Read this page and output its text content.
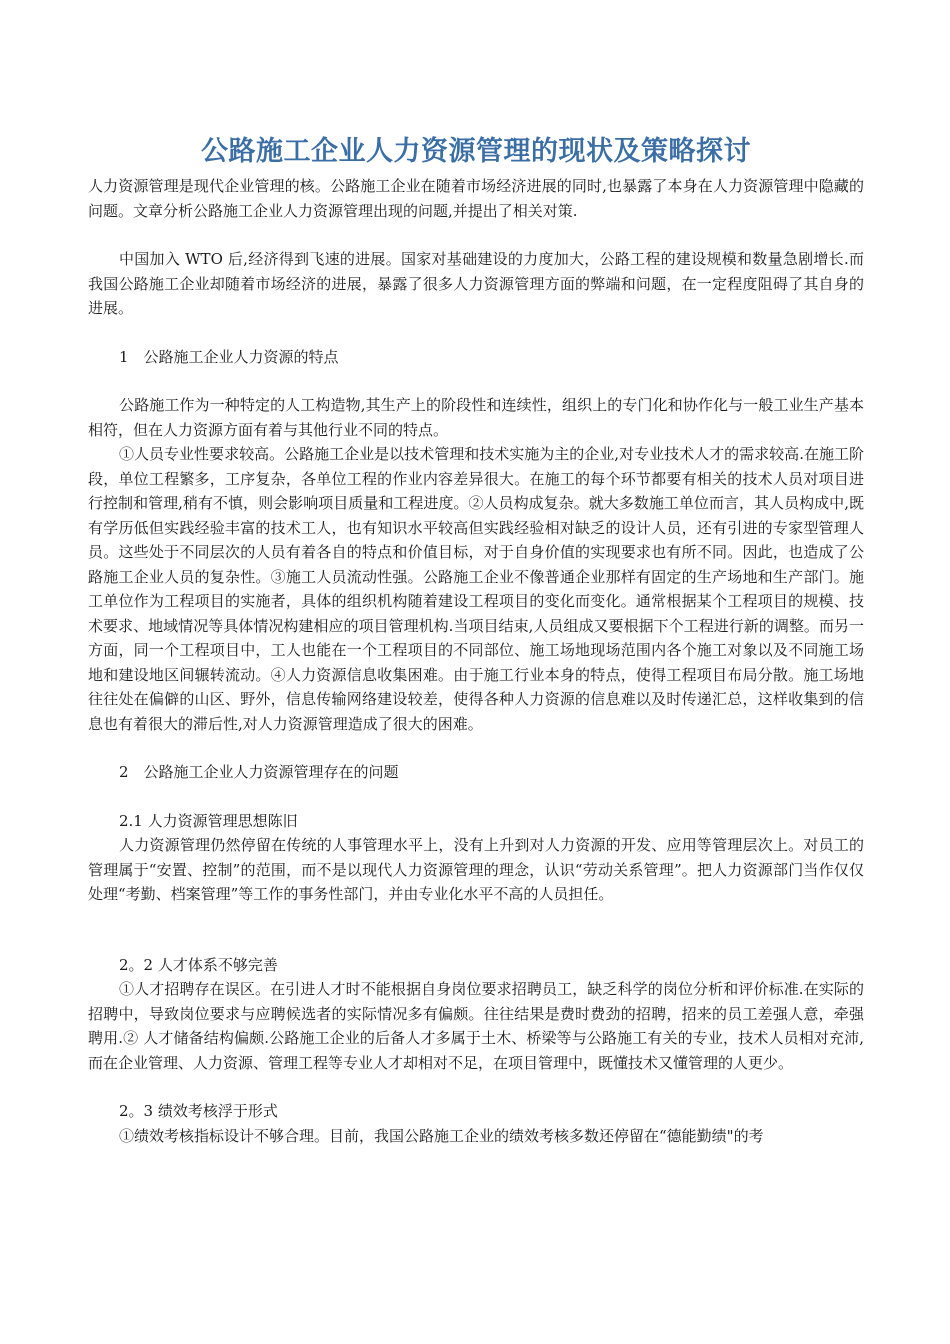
公路施工企业人力资源管理的现状及策略探讨

人力资源管理是现代企业管理的核。公路施工企业在随着市场经济进展的同时,也暴露了本身在人力资源管理中隐藏的问题。文章分析公路施工企业人力资源管理出现的问题,并提出了相关对策.

中国加入 WTO 后,经济得到飞速的进展。国家对基础建设的力度加大，公路工程的建设规模和数量急剧增长.而我国公路施工企业却随着市场经济的进展，暴露了很多人力资源管理方面的弊端和问题，在一定程度阻碍了其自身的进展。

1　公路施工企业人力资源的特点

公路施工作为一种特定的人工构造物,其生产上的阶段性和连续性，组织上的专门化和协作化与一般工业生产基本相符，但在人力资源方面有着与其他行业不同的特点。

①人员专业性要求较高。公路施工企业是以技术管理和技术实施为主的企业,对专业技术人才的需求较高.在施工阶段，单位工程繁多，工序复杂，各单位工程的作业内容差异很大。在施工的每个环节都要有相关的技术人员对项目进行控制和管理,稍有不慎，则会影响项目质量和工程进度。②人员构成复杂。就大多数施工单位而言，其人员构成中,既有学历低但实践经验丰富的技术工人，也有知识水平较高但实践经验相对缺乏的设计人员，还有引进的专家型管理人员。这些处于不同层次的人员有着各自的特点和价值目标，对于自身价值的实现要求也有所不同。因此，也造成了公路施工企业人员的复杂性。③施工人员流动性强。公路施工企业不像普通企业那样有固定的生产场地和生产部门。施工单位作为工程项目的实施者，具体的组织机构随着建设工程项目的变化而变化。通常根据某个工程项目的规模、技术要求、地域情况等具体情况构建相应的项目管理机构.当项目结束,人员组成又要根据下个工程进行新的调整。而另一方面，同一个工程项目中，工人也能在一个工程项目的不同部位、施工场地现场范围内各个施工对象以及不同施工场地和建设地区间辗转流动。④人力资源信息收集困难。由于施工行业本身的特点，使得工程项目布局分散。施工场地往往处在偏僻的山区、野外，信息传输网络建设较差，使得各种人力资源的信息难以及时传递汇总，这样收集到的信息也有着很大的滞后性,对人力资源管理造成了很大的困难。

2　公路施工企业人力资源管理存在的问题

2.1 人力资源管理思想陈旧

人力资源管理仍然停留在传统的人事管理水平上，没有上升到对人力资源的开发、应用等管理层次上。对员工的管理属于“安置、控制”的范围，而不是以现代人力资源管理的理念，认识“劳动关系管理”。把人力资源部门当作仅仅处理“考勤、档案管理”等工作的事务性部门，并由专业化水平不高的人员担任。

2。2 人才体系不够完善

①人才招聘存在误区。在引进人才时不能根据自身岗位要求招聘员工，缺乏科学的岗位分析和评价标准.在实际的招聘中，导致岗位要求与应聘候选者的实际情况多有偏颇。往往结果是费时费劲的招聘，招来的员工差强人意，牵强聘用.② 人才储备结构偏颇.公路施工企业的后备人才多属于土木、桥梁等与公路施工有关的专业，技术人员相对充沛,而在企业管理、人力资源、管理工程等专业人才却相对不足，在项目管理中，既懂技术又懂管理的人更少。

2。3 绩效考核浮于形式

①绩效考核指标设计不够合理。目前，我国公路施工企业的绩效考核多数还停留在“德能勤绩"的考
